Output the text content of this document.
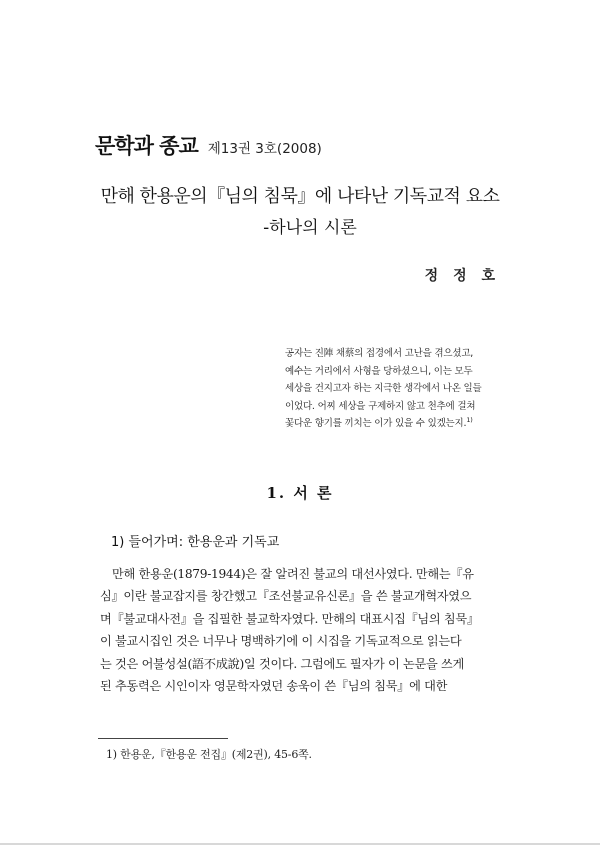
문학과 종교 제13권 3호(2008)
만해 한용운의『님의 침묵』에 나타난 기독교적 요소
-하나의 시론
정 정 호
공자는 진陣 채蔡의 접경에서 고난을 겪으셨고,
예수는 거리에서 사형을 당하셨으니, 이는 모두
세상을 건지고자 하는 지극한 생각에서 나온 일들
이었다. 어찌 세상을 구제하지 않고 천추에 걸쳐
꽃다운 향기를 끼치는 이가 있을 수 있겠는지.$^{1)}$
1. 서 론
1) 들어가며: 한용운과 기독교
만해 한용운(1879-1944)은 잘 알려진 불교의 대선사였다. 만해는『유
심』이란 불교잡지를 창간했고『조선불교유신론』을 쓴 불교개혁자였으
며『불교대사전』을 집필한 불교학자였다. 만해의 대표시집『님의 침묵』
이 불교시집인 것은 너무나 명백하기에 이 시집을 기독교적으로 읽는다
는 것은 어불성설(語不成說)일 것이다. 그럼에도 필자가 이 논문을 쓰게
된 추동력은 시인이자 영문학자였던 송욱이 쓴『님의 침묵』에 대한
1) 한용운,『한용운 전집』(제2권), 45-6쪽.
